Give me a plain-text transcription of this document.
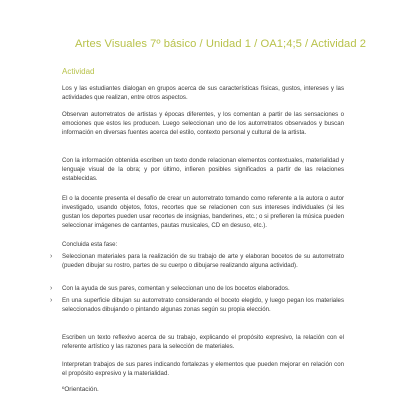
Artes Visuales 7º básico / Unidad 1 / OA1;4;5 / Actividad 2
Actividad
Los y las estudiantes dialogan en grupos acerca de sus características físicas, gustos, intereses y las actividades que realizan, entre otros aspectos.
Observan autorretratos de artistas y épocas diferentes, y los comentan a partir de las sensaciones o emociones que estos les producen. Luego seleccionan uno de los autorretratos observados y buscan información en diversas fuentes acerca del estilo, contexto personal y cultural de la artista.
Con la información obtenida escriben un texto donde relacionan elementos contextuales, materialidad y lenguaje visual de la obra; y por último, infieren posibles significados a partir de las relaciones establecidas.
El o la docente presenta el desafío de crear un autorretrato tomando como referente a la autora o autor investigado, usando objetos, fotos, recortes que se relacionen con sus intereses individuales (si les gustan los deportes pueden usar recortes de insignias, banderines, etc.; o si prefieren la música pueden seleccionar imágenes de cantantes, pautas musicales, CD en desuso, etc.).
Concluida esta fase:
› Seleccionan materiales para la realización de su trabajo de arte y elaboran bocetos de su autorretrato (pueden dibujar su rostro, partes de su cuerpo o dibujarse realizando alguna actividad).
› Con la ayuda de sus pares, comentan y seleccionan uno de los bocetos elaborados.
› En una superficie dibujan su autorretrato considerando el boceto elegido, y luego pegan los materiales seleccionados dibujando o pintando algunas zonas según su propia elección.
Escriben un texto reflexivo acerca de su trabajo, explicando el propósito expresivo, la relación con el referente artístico y las razones para la selección de materiales.
Interpretan trabajos de sus pares indicando fortalezas y elementos que pueden mejorar en relación con el propósito expresivo y la materialidad.
ºOrientación.
